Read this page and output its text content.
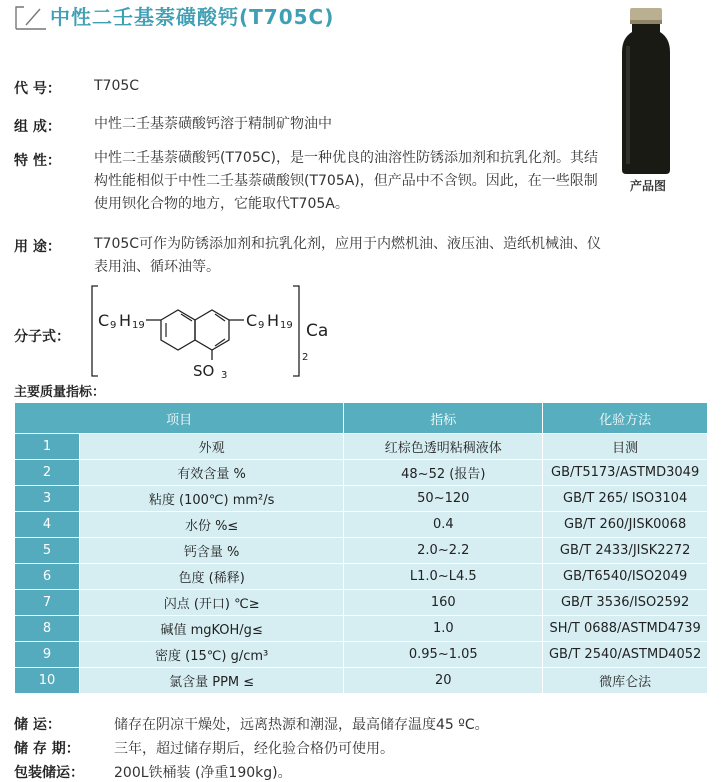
中性二壬基萘磺酸钙(T705C)
产品图
代 号：	T705C
组 成：	中性二壬基萘磺酸钙溶于精制矿物油中
特 性：	中性二壬基萘磺酸钙(T705C)，是一种优良的油溶性防锈添加剂和抗乳化剂。其结构性能相似于中性二壬基萘磺酸钡(T705A)，但产品中不含钡。因此，在一些限制使用钡化合物的地方，它能取代T705A。
用 途：	T705C可作为防锈添加剂和抗乳化剂，应用于内燃机油、液压油、造纸机械油、仪表用油、循环油等。
分子式：
C 9 H 19	C 9 H 19
SO 3
Ca
2
主要质量指标：
项目		指标	化验方法
1	外观	红棕色透明粘稠液体	目测
2	有效含量 %	48~52 (报告)	GB/T5173/ASTMD3049
3	粘度 (100℃) mm²/s	50~120	GB/T 265/ ISO3104
4	水份 %≤	0.4	GB/T 260/JISK0068
5	钙含量 %	2.0~2.2	GB/T 2433/JISK2272
6	色度 (稀释)	L1.0~L4.5	GB/T6540/ISO2049
7	闪点 (开口) ℃≥	160	GB/T 3536/ISO2592
8	碱值 mgKOH/g≤	1.0	SH/T 0688/ASTMD4739
9	密度 (15℃) g/cm³	0.95~1.05	GB/T 2540/ASTMD4052
10	氯含量 PPM ≤	20	微库仑法
储 运：	储存在阴凉干燥处，远离热源和潮湿，最高储存温度45 ºC。
储 存 期：	三年，超过储存期后，经化验合格仍可使用。
包装储运：	200L铁桶装 (净重190kg)。
